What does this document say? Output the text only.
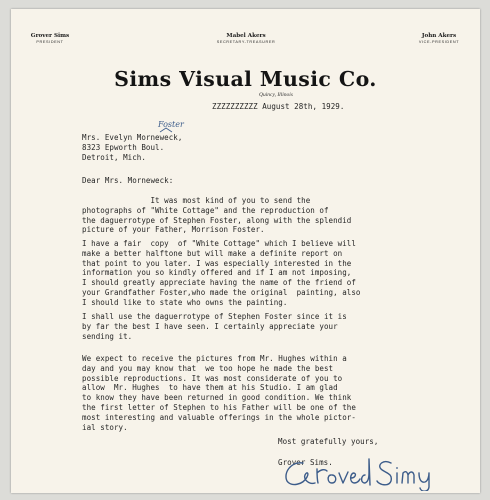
Grover Sims
PRESIDENT
Mabel Akers
SECRETARY-TREASURER
John Akers
VICE-PRESIDENT
Sims Visual Music Co.
Quincy, Illinois
ZZZZZZZZZZ August 28th, 1929.
Foster
Mrs. Evelyn Morneweck,
8323 Epworth Boul.
Detroit, Mich.
Dear Mrs. Morneweck:
It was most kind of you to send the
photographs of "White Cottage" and the reproduction of
the daguerrotype of Stephen Foster, along with the splendid
picture of your Father, Morrison Foster.
I have a fair  copy  of "White Cottage" which I believe will
make a better halftone but will make a definite report on
that point to you later. I was especially interested in the
information you so kindly offered and if I am not imposing,
I should greatly appreciate having the name of the friend of
your Grandfather Foster,who made the original  painting, also
I should like to state who owns the painting.
I shall use the daguerrotype of Stephen Foster since it is
by far the best I have seen. I certainly appreciate your
sending it.
We expect to receive the pictures from Mr. Hughes within a
day and you may know that  we too hope he made the best
possible reproductions. It was most considerate of you to
allow  Mr. Hughes  to have them at his Studio. I am glad
to know they have been returned in good condition. We think
the first letter of Stephen to his Father will be one of the
most interesting and valuable offerings in the whole pictor-
ial story.
Most gratefully yours,
Grover Sims.
